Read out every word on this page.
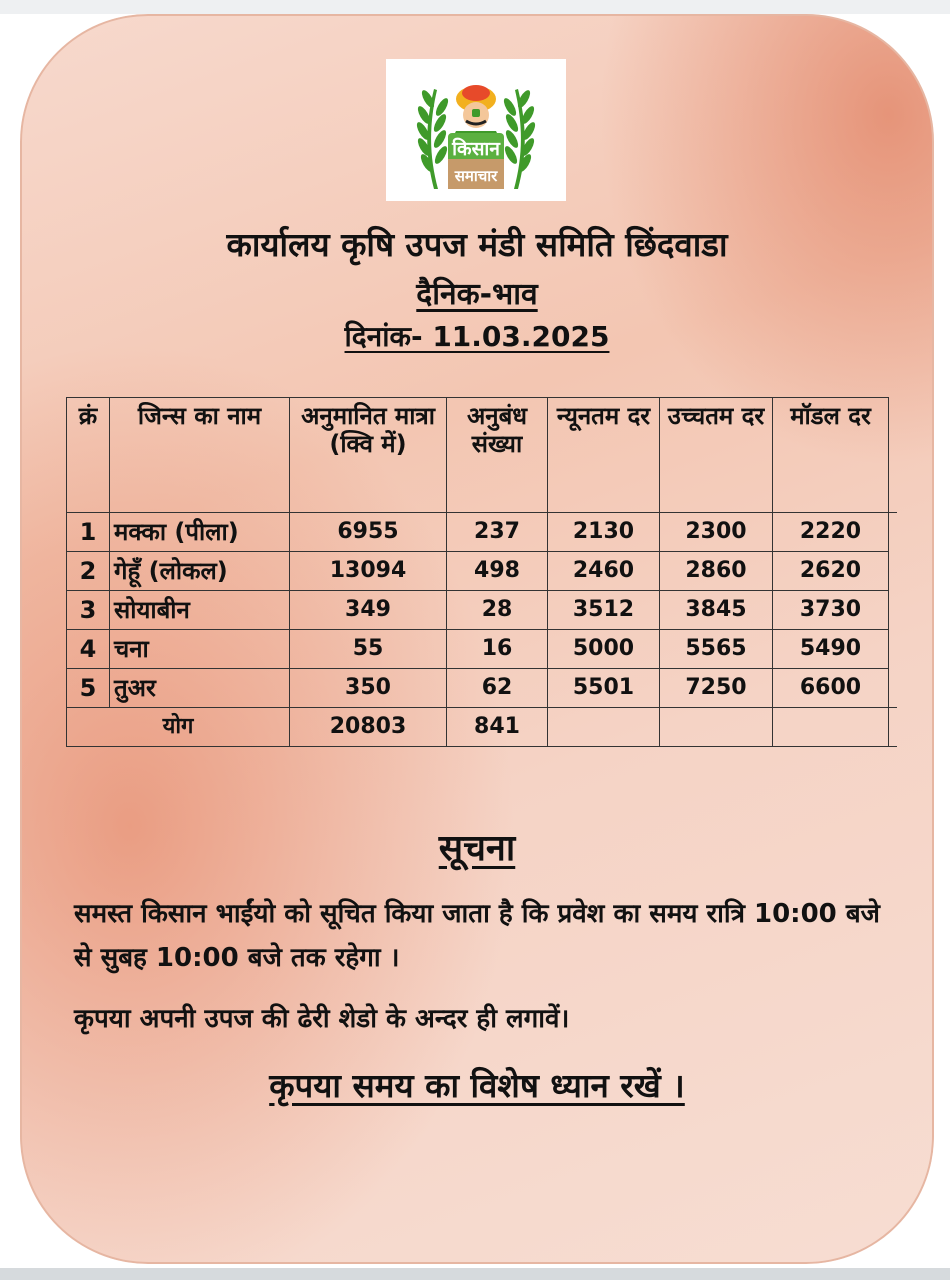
किसान
समाचार
कार्यालय कृषि उपज मंडी समिति छिंदवाडा
दैनिक-भाव
दिनांक- 11.03.2025
क्रं	जिन्स का नाम	अनुमानित मात्रा (क्वि में)	अनुबंध संख्या	न्यूनतम दर	उच्चतम दर	मॉडल दर	
1	मक्का (पीला)	6955	237	2130	2300	2220	
2	गेहूँ (लोकल)	13094	498	2460	2860	2620	
3	सोयाबीन	349	28	3512	3845	3730	
4	चना	55	16	5000	5565	5490	
5	तुअर	350	62	5501	7250	6600	
योग		20803	841				
सूचना
समस्त किसान भाईंयो को सूचित किया जाता है कि प्रवेश का समय रात्रि 10:00 बजे से सुबह 10:00 बजे तक रहेगा ।
कृपया अपनी उपज की ढेरी शेडो के अन्दर ही लगावें।
कृपया समय का विशेष ध्यान रखें ।
